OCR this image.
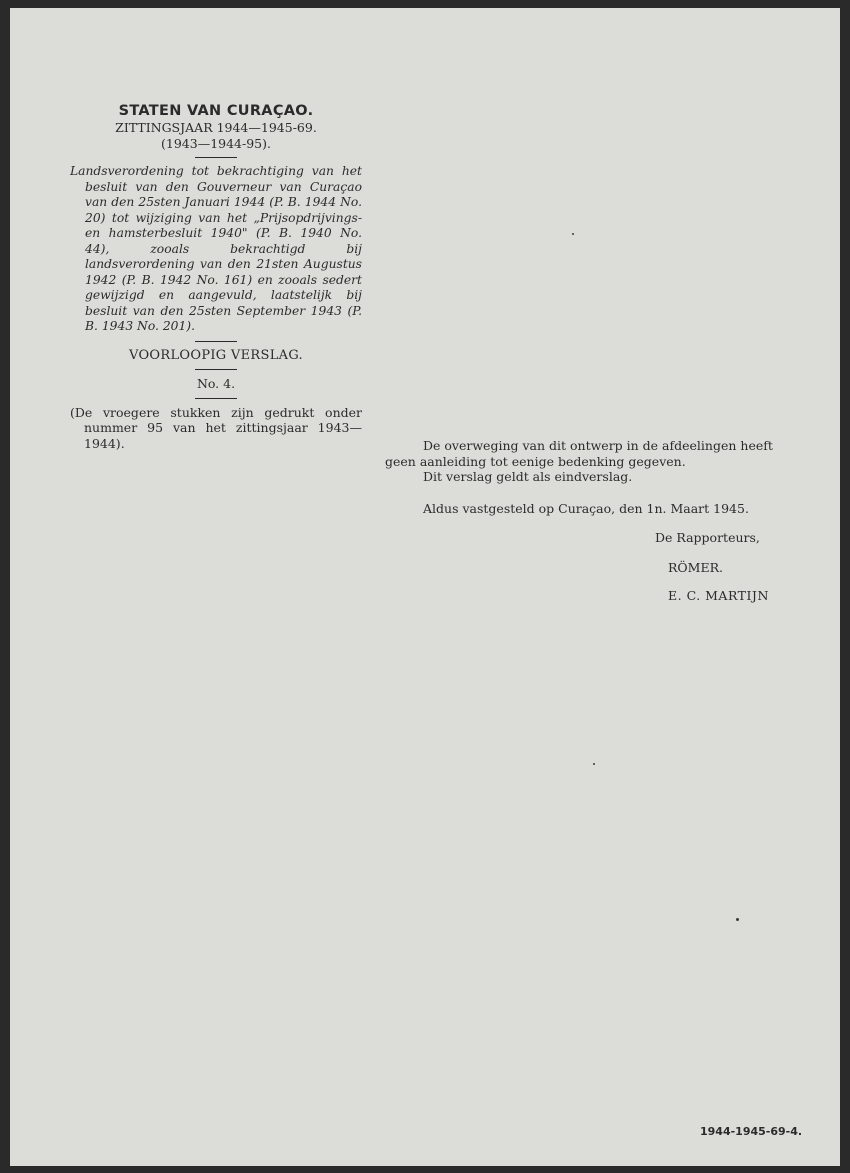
STATEN VAN CURAÇAO.

ZITTINGSJAAR 1944—1945-69.

(1943—1944-95).

Landsverordening tot bekrachtiging van het besluit van den Gouverneur van Curaçao van den 25sten Januari 1944 (P. B. 1944 No. 20) tot wijziging van het „Prijsopdrijvings- en hamsterbesluit 1940" (P. B. 1940 No. 44), zooals bekrachtigd bij landsverordening van den 21sten Augustus 1942 (P. B. 1942 No. 161) en zooals sedert gewijzigd en aangevuld, laatstelijk bij besluit van den 25sten September 1943 (P. B. 1943 No. 201).

VOORLOOPIG VERSLAG.

No. 4.

(De vroegere stukken zijn gedrukt onder nummer 95 van het zittingsjaar 1943—1944).	De overweging van dit ontwerp in de afdeelingen heeft geen aanleiding tot eenige bedenking gegeven.

Dit verslag geldt als eindverslag.

Aldus vastgesteld op Curaçao, den 1n. Maart 1945.

De Rapporteurs,

RÖMER.

E. C. MARTIJN

1944-1945-69-4.
